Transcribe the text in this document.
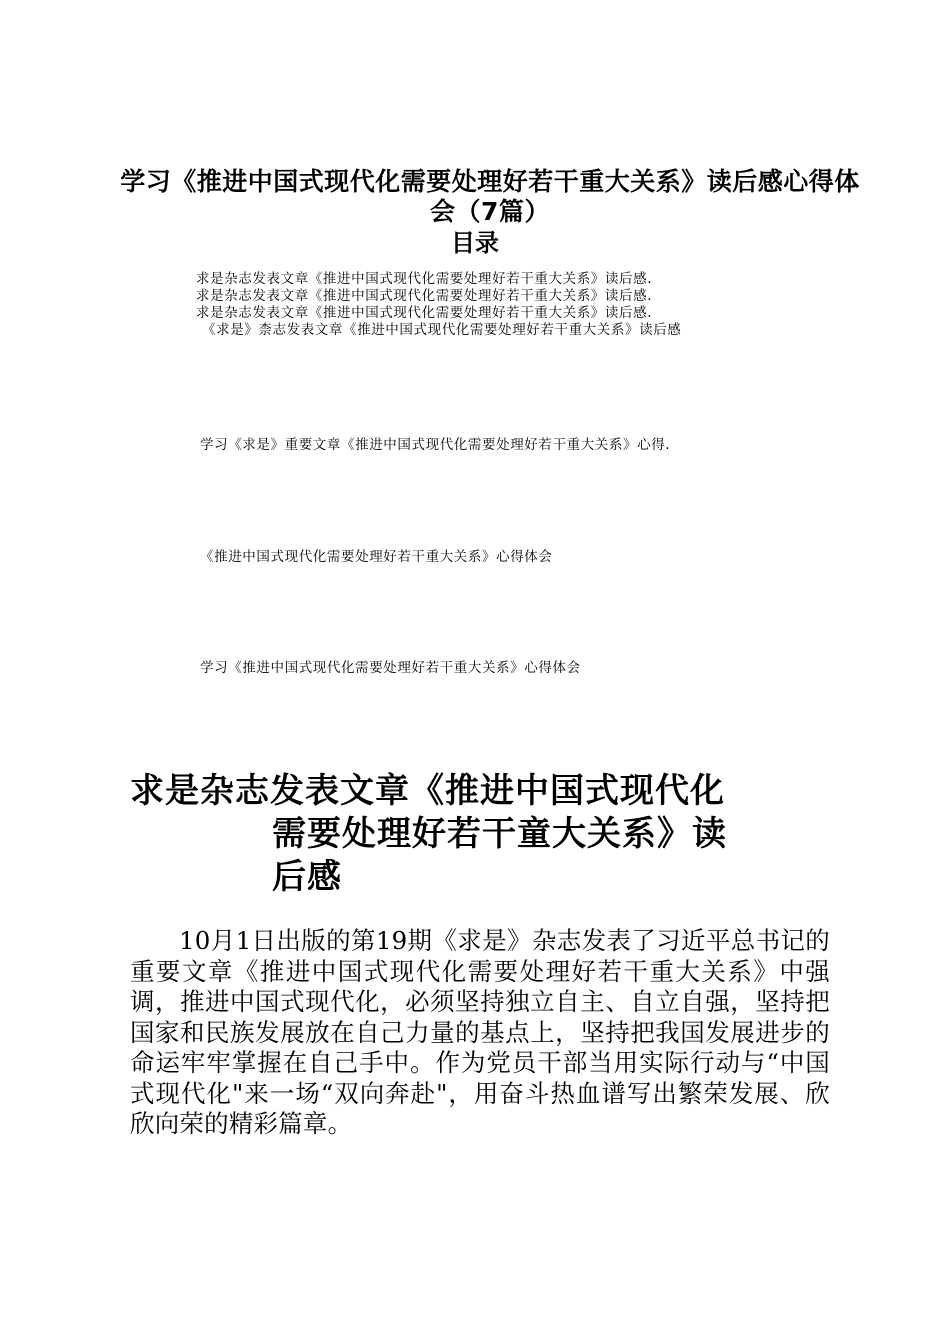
学习《推进中国式现代化需要处理好若干重大关系》读后感心得体会（7篇）
目录

求是杂志发表文章《推进中国式现代化需要处理好若干重大关系》读后感.

求是杂志发表文章《推进中国式现代化需要处理好若干重大关系》读后感.

求是杂志发表文章《推进中国式现代化需要处理好若干重大关系》读后感.

《求是》柰志发表文章《推进中国式现代化需要处理好若干重大关系》读后感

学习《求是》重要文章《推进中国式现代化需要处理好若干重大关系》心得.

《推进中国式现代化需要处理好若干重大关系》心得体会

学习《推进中国式现代化需要处理好若干重大关系》心得体会

求是杂志发表文章《推进中国式现代化
需要处理好若干童大关系》读
后感

10月1日出版的第19期《求是》杂志发表了习近平总书记的重要文章《推进中国式现代化需要处理好若干重大关系》中强调，推进中国式现代化，必须坚持独立自主、自立自强，坚持把国家和民族发展放在自己力量的基点上，坚持把我国发展进步的命运牢牢掌握在自己手中。作为党员干部当用实际行动与“中国式现代化"来一场“双向奔赴"，用奋斗热血谱写出繁荣发展、欣欣向荣的精彩篇章。
